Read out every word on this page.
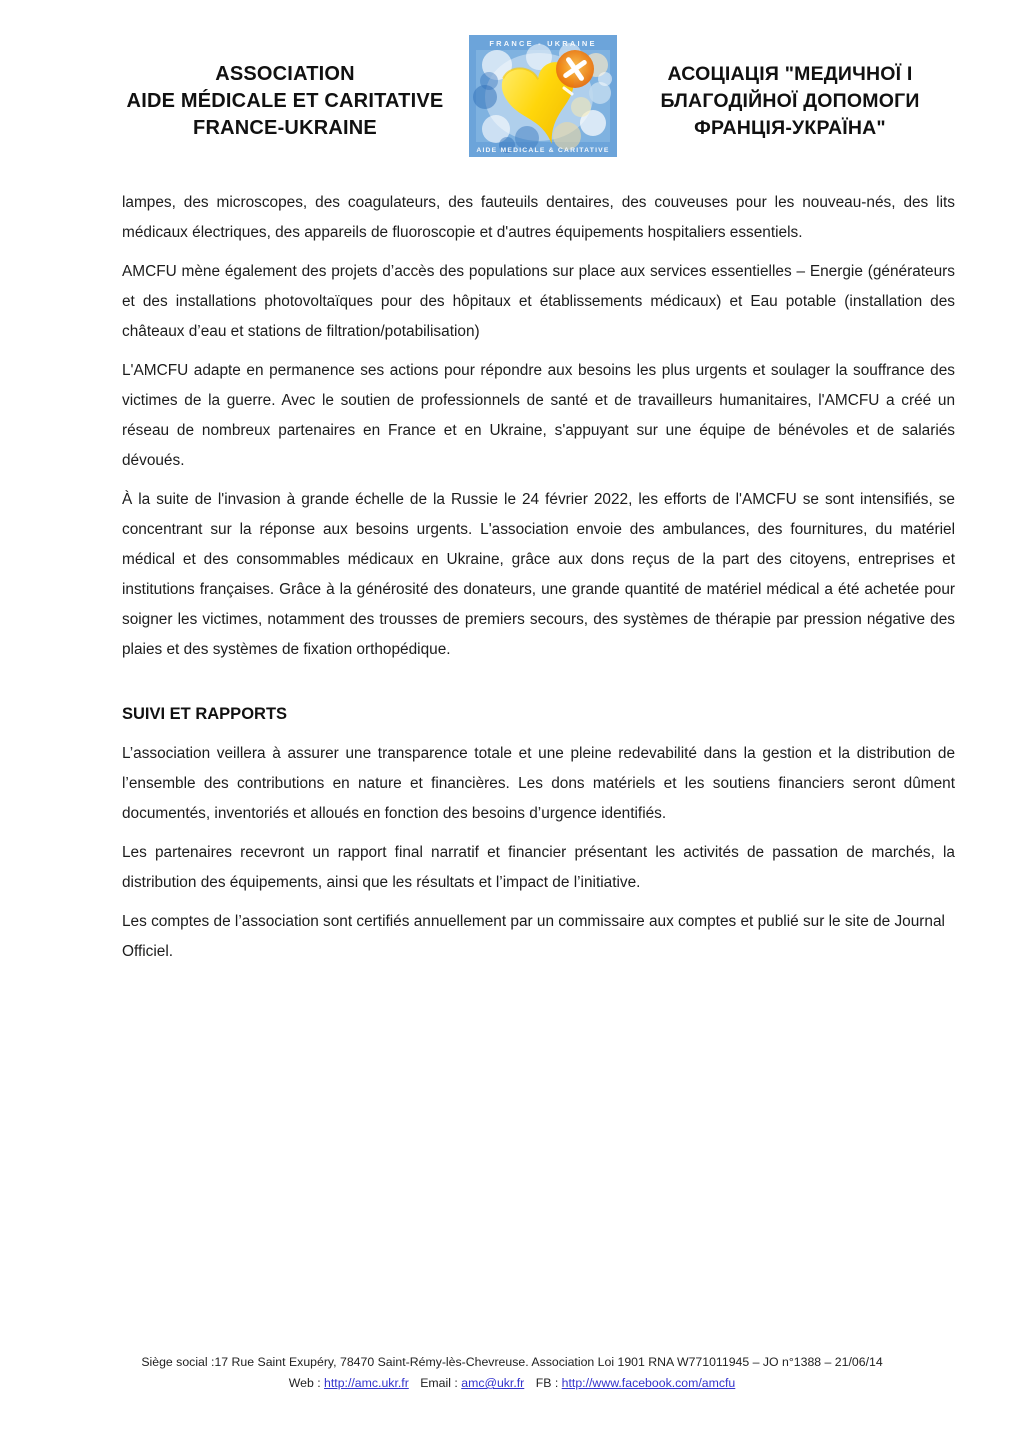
ASSOCIATION
AIDE MÉDICALE ET CARITATIVE
FRANCE-UKRAINE
FRANCE - UKRAINE
AIDE MEDICALE & CARITATIVE
АСОЦІАЦІЯ "МЕДИЧНОЇ І
БЛАГОДІЙНОЇ ДОПОМОГИ
ФРАНЦІЯ-УКРАЇНА"

lampes, des microscopes, des coagulateurs, des fauteuils dentaires, des couveuses pour les nouveau-nés, des lits médicaux électriques, des appareils de fluoroscopie et d'autres équipements hospitaliers essentiels.

AMCFU mène également des projets d’accès des populations sur place aux services essentielles – Energie (générateurs et des installations photovoltaïques pour des hôpitaux et établissements médicaux) et Eau potable (installation des châteaux d’eau et stations de filtration/potabilisation)

L'AMCFU adapte en permanence ses actions pour répondre aux besoins les plus urgents et soulager la souffrance des victimes de la guerre. Avec le soutien de professionnels de santé et de travailleurs humanitaires, l'AMCFU a créé un réseau de nombreux partenaires en France et en Ukraine, s'appuyant sur une équipe de bénévoles et de salariés dévoués.

À la suite de l'invasion à grande échelle de la Russie le 24 février 2022, les efforts de l'AMCFU se sont intensifiés, se concentrant sur la réponse aux besoins urgents. L'association envoie des ambulances, des fournitures, du matériel médical et des consommables médicaux en Ukraine, grâce aux dons reçus de la part des citoyens, entreprises et institutions françaises. Grâce à la générosité des donateurs, une grande quantité de matériel médical a été achetée pour soigner les victimes, notamment des trousses de premiers secours, des systèmes de thérapie par pression négative des plaies et des systèmes de fixation orthopédique.

SUIVI ET RAPPORTS

L’association veillera à assurer une transparence totale et une pleine redevabilité dans la gestion et la distribution de l’ensemble des contributions en nature et financières. Les dons matériels et les soutiens financiers seront dûment documentés, inventoriés et alloués en fonction des besoins d’urgence identifiés.

Les partenaires recevront un rapport final narratif et financier présentant les activités de passation de marchés, la distribution des équipements, ainsi que les résultats et l’impact de l’initiative.

Les comptes de l’association sont certifiés annuellement par un commissaire aux comptes et publié sur le site de Journal Officiel.

Siège social :17 Rue Saint Exupéry, 78470 Saint-Rémy-lès-Chevreuse. Association Loi 1901 RNA W771011945 – JO n°1388 – 21/06/14
Web : http://amc.ukr.fr Email : amc@ukr.fr FB : http://www.facebook.com/amcfu
